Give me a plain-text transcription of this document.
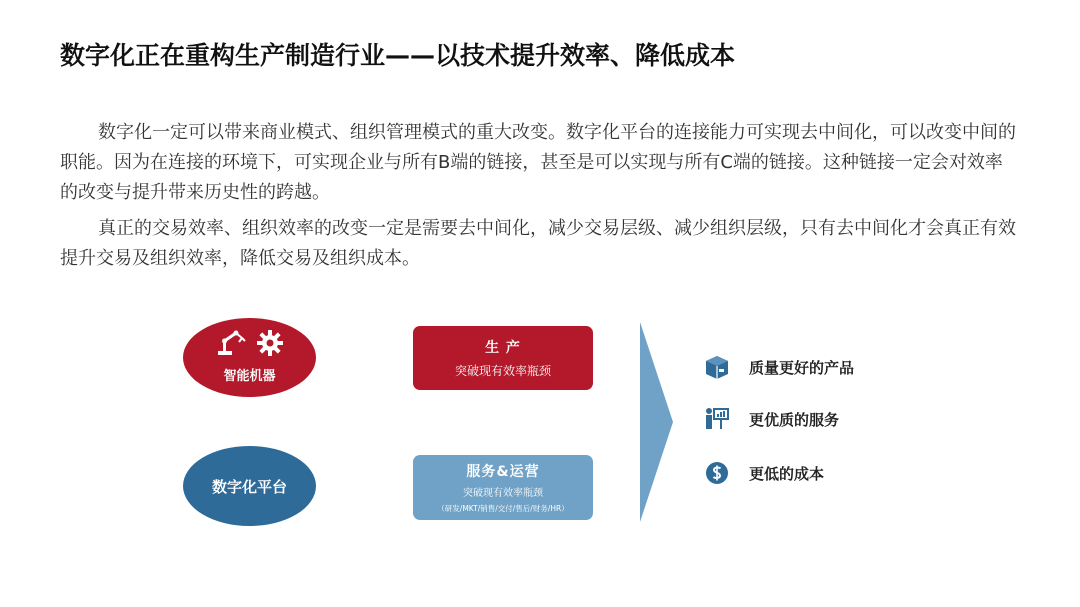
数字化正在重构生产制造行业——以技术提升效率、降低成本
数字化一定可以带来商业模式、组织管理模式的重大改变。数字化平台的连接能力可实现去中间化，可以改变中间的职能。因为在连接的环境下，可实现企业与所有B端的链接，甚至是可以实现与所有C端的链接。这种链接一定会对效率的改变与提升带来历史性的跨越。
真正的交易效率、组织效率的改变一定是需要去中间化，减少交易层级、减少组织层级，只有去中间化才会真正有效提升交易及组织效率，降低交易及组织成本。
智能机器
数字化平台
生 产
突破现有效率瓶颈
服务&运营
突破现有效率瓶颈
（研发/MKT/销售/交付/售后/财务/HR）
质量更好的产品
更优质的服务
更低的成本
